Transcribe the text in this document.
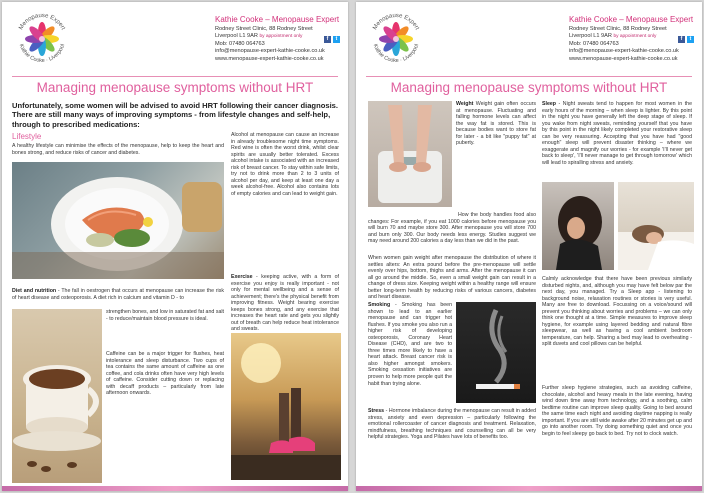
Menopause Expert
Kathie Cooke · Liverpool
Kathie Cooke – Menopause Expert
Rodney Street Clinic, 88 Rodney Street
Liverpool L1 9AR by appointment only
Mob: 07480 064763
info@menopause-expert-kathie-cooke.co.uk
www.menopause-expert-kathie-cooke.co.uk
f	t
Managing menopause symptoms without HRT

Unfortunately, some women will be advised to avoid HRT following their cancer diagnosis. There are still many ways of improving symptoms - from lifestyle changes and self-help, through to prescribed medications:

Lifestyle

A healthy lifestyle can minimise the effects of the menopause, help to keep the heart and bones strong, and reduce risks of cancer and diabetes.

Alcohol at menopause can cause an increase in already troublesome night time symptoms. Red wine is often the worst drink, whilst clear spirits are usually better tolerated. Excess alcohol intake is associated with an increased risk of breast cancer. To stay within safe limits, try not to drink more than 2 to 3 units of alcohol per day, and keep at least one day a week alcohol-free. Alcohol also contains lots of empty calories and can lead to weight gain.

Diet and nutrition - The fall in oestrogen that occurs at menopause can increase the risk of heart disease and osteoporosis. A diet rich in calcium and vitamin D - to

strengthen bones, and low in saturated fat and salt - to reduce/maintain blood pressure is ideal.

Caffeine can be a major trigger for flushes, heat intolerance and sleep disturbance. Two cups of tea contains the same amount of caffeine as one coffee, and cola drinks often have very high levels of caffeine. Consider cutting down or replacing with decaff products – particularly from late afternoon onwards.

Exercise - keeping active, with a form of exercise you enjoy is really important - not only for mental wellbeing and a sense of achievement; there's the physical benefit from improving fitness. Weight bearing exercise keeps bones strong, and any exercise that increases the heart rate and gets you slightly out of breath can help reduce heat intolerance and sweats.

Menopause Expert
Kathie Cooke · Liverpool
Kathie Cooke – Menopause Expert
Rodney Street Clinic, 88 Rodney Street
Liverpool L1 9AR by appointment only
Mob: 07480 064763
info@menopause-expert-kathie-cooke.co.uk
www.menopause-expert-kathie-cooke.co.uk
f	t
Managing menopause symptoms without HRT

Weight Weight gain often occurs at menopause. Fluctuating and falling hormone levels can affect the way fat is stored. This is because bodies want to store fat for later - a bit like "puppy fat" at puberty.

How the body handles food also changes: For example, if you eat 1000 calories before menopause you will burn 70 and maybe store 300. After menopause you will store 700 and burn only 300. Our body needs less energy. Studies suggest we may need around 200 calories a day less than we did in the past.

When women gain weight after menopause the distribution of where it settles alters: An extra pound before the pre-menopause will settle evenly over hips, bottom, thighs and arms. After the menopause it can all go around the middle. So, even a small weight gain can result in a change of dress size. Keeping weight within a healthy range will ensure better long-term health by reducing risks of various cancers, diabetes and heart disease.

Smoking - Smoking has been shown to lead to an earlier menopause and can trigger hot flushes. If you smoke you also run a higher risk of developing osteoporosis, Coronary Heart Disease (CHD), and are two to three times more likely to have a heart attack. Breast cancer risk is also higher amongst smokers. Smoking cessation initiatives are proven to help more people quit the habit than trying alone.

Stress - Hormone imbalance during the menopause can result in added stress, anxiety and even depression – particularly following the emotional rollercoaster of cancer diagnosis and treatment. Relaxation, mindfulness, breathing techniques and counselling can all be very helpful strategies. Yoga and Pilates have lots of benefits too.

Sleep - Night sweats tend to happen for most women in the early hours of the morning – when sleep is lighter. By this point in the night you have generally left the deep stage of sleep. If you wake from night sweats, reminding yourself that you have by this point in the night likely completed your restorative sleep can be very reassuring. Accepting that you have had "good enough" sleep will prevent disaster thinking – where we exaggerate and magnify our worries - for example 'I'll never get back to sleep', 'I'll never manage to get through tomorrow' which will lead to spiralling stress and anxiety.

Calmly acknowledge that there have been previous similarly disturbed nights, and, although you may have felt below par the next day, you managed. Try a Sleep app - listening to background noise, relaxation routines or stories is very useful. Many are free to download. Focussing on a voice/sound will prevent you thinking about worries and problems – we can only think one thought at a time. Simple measures to improve sleep hygiene, for example using layered bedding and natural fibre sleepwear, as well as having a cool ambient bedroom temperature, can help. Sharing a bed may lead to overheating - split duvets and cool pillows can be helpful.

Further sleep hygiene strategies, such as avoiding caffeine, chocolate, alcohol and heavy meals in the late evening, having wind down time away from technology, and a soothing, calm bedtime routine can improve sleep quality. Going to bed around the same time each night and avoiding daytime napping is really important. If you are still wide awake after 20 minutes get up and go into another room. Try doing something quiet and once you begin to feel sleepy go back to bed. Try not to clock watch.
